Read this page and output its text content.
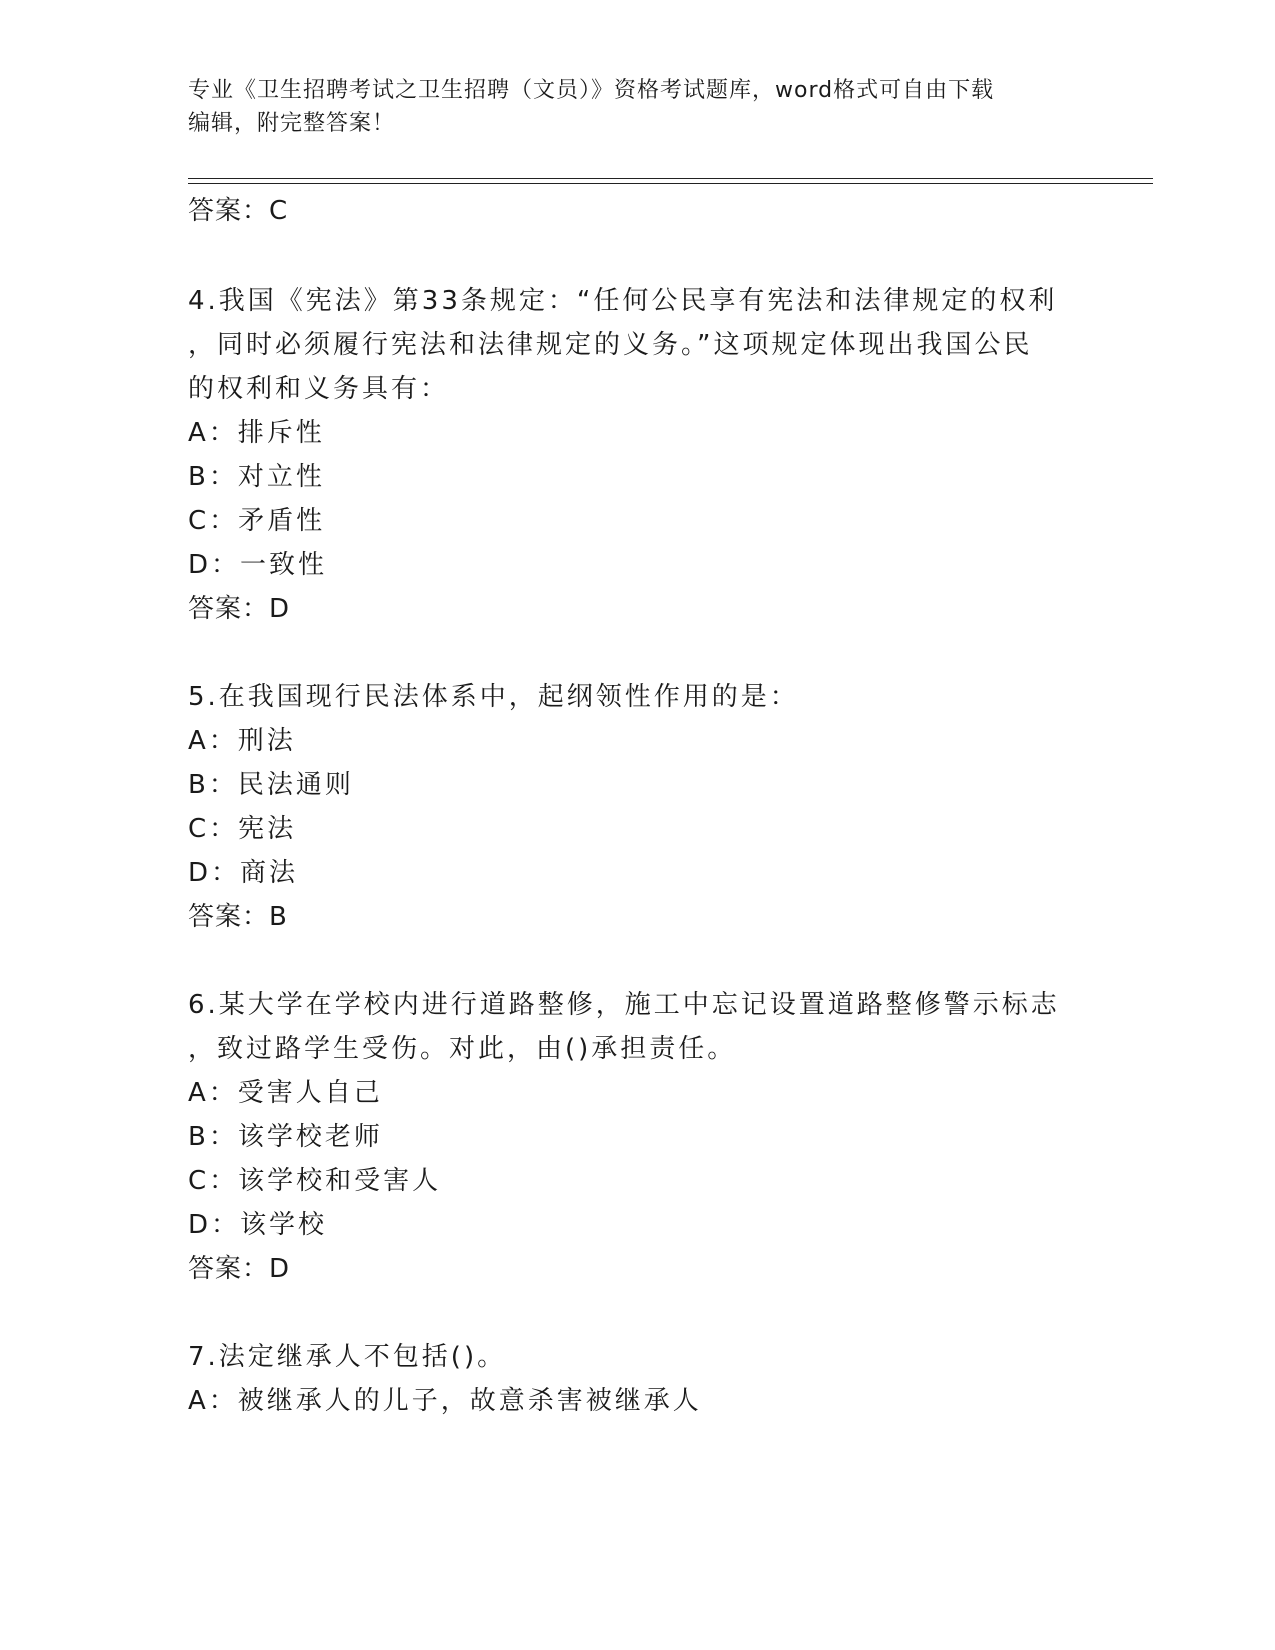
专业《卫生招聘考试之卫生招聘（文员）》资格考试题库，word格式可自由下载
编辑，附完整答案！
答案：C
4.我国《宪法》第33条规定：“任何公民享有宪法和法律规定的权利
，同时必须履行宪法和法律规定的义务。”这项规定体现出我国公民
的权利和义务具有：
A：排斥性
B：对立性
C：矛盾性
D：一致性
答案：D
5.在我国现行民法体系中，起纲领性作用的是：
A：刑法
B：民法通则
C：宪法
D：商法
答案：B
6.某大学在学校内进行道路整修，施工中忘记设置道路整修警示标志
，致过路学生受伤。对此，由()承担责任。
A：受害人自己
B：该学校老师
C：该学校和受害人
D：该学校
答案：D
7.法定继承人不包括()。
A：被继承人的儿子，故意杀害被继承人
